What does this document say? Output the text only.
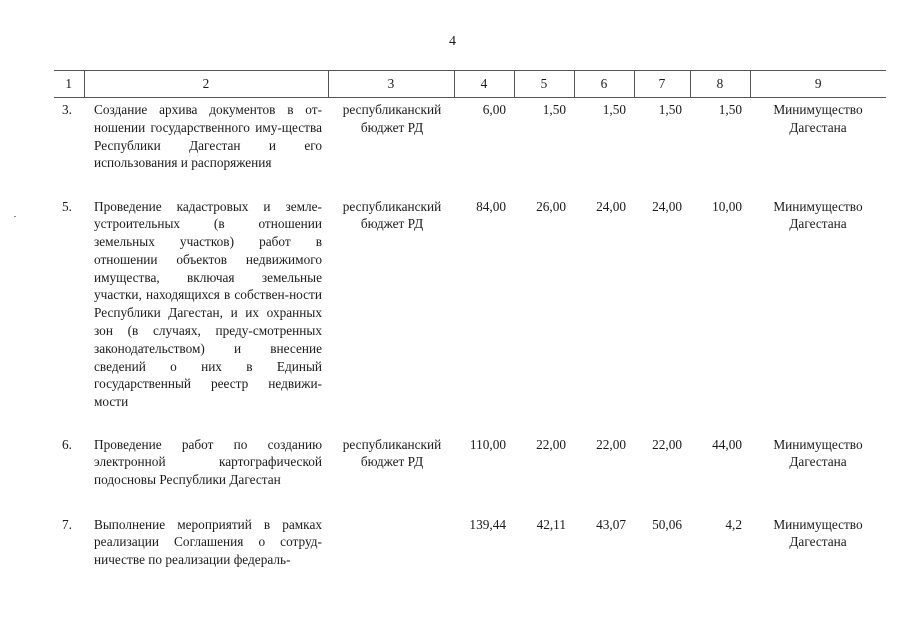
4
1	2	3	4	5	6	7	8	9
3.	Создание архива документов в от-ношении государственного иму-щества Республики Дагестан и его использования и распоряжения	республиканский бюджет РД	6,00	1,50	1,50	1,50	1,50	Минимущество Дагестана
5.	Проведение кадастровых и земле-устроительных (в отношении земельных участков) работ в отношении объектов недвижимого имущества, включая земельные участки, находящихся в собствен-ности Республики Дагестан, и их охранных зон (в случаях, преду-смотренных законодательством) и внесение сведений о них в Единый государственный реестр недвижи-мости	республиканский бюджет РД	84,00	26,00	24,00	24,00	10,00	Минимущество Дагестана
6.	Проведение работ по созданию электронной картографической подосновы Республики Дагестан	республиканский бюджет РД	110,00	22,00	22,00	22,00	44,00	Минимущество Дагестана
7.	Выполнение мероприятий в рамках реализации Соглашения о сотруд-ничестве по реализации федераль-		139,44	42,11	43,07	50,06	4,2	Минимущество Дагестана
